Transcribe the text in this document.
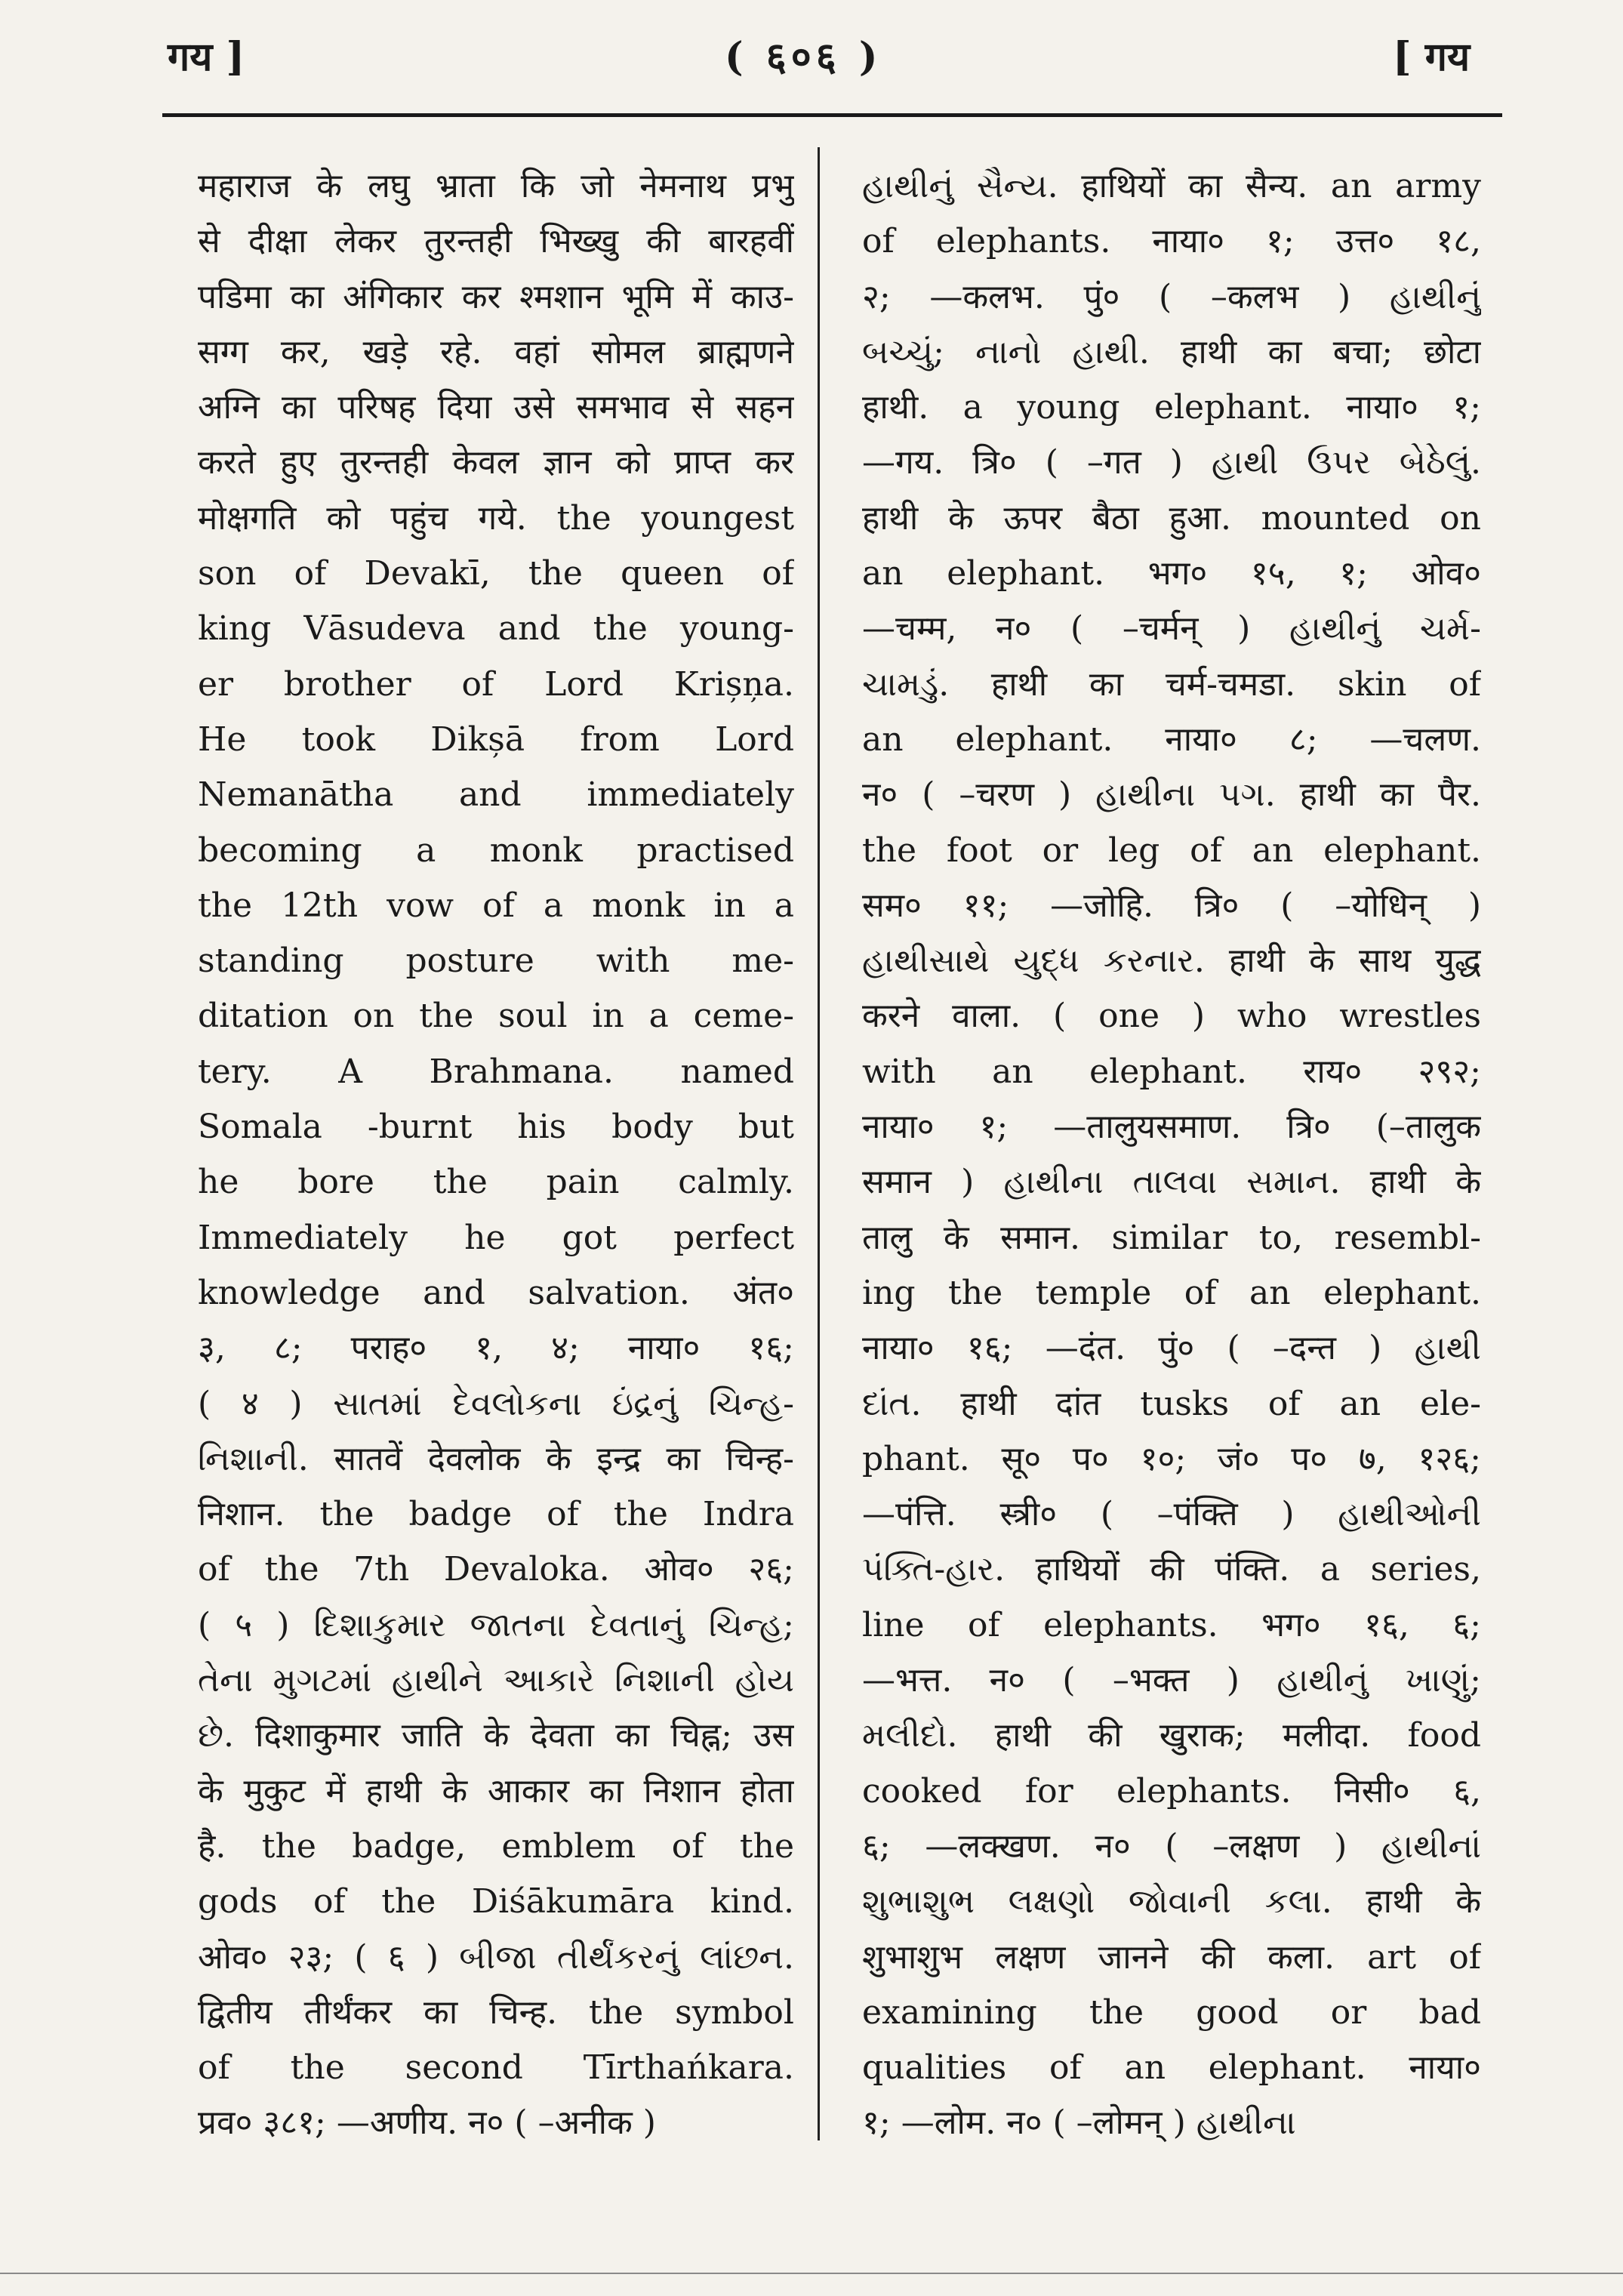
गय ]	( ६०६ )	[ गय
महाराज के लघु भ्राता कि जो नेमनाथ प्रभु
से दीक्षा लेकर तुरन्तही भिख्खु की बारहवीं
पडिमा का अंगिकार कर श्मशान भूमि में काउ-
सग्ग कर, खड़े रहे. वहां सोमल ब्राह्मणने
अग्नि का परिषह दिया उसे समभाव से सहन
करते हुए तुरन्तही केवल ज्ञान को प्राप्त कर
मोक्षगति को पहुंच गये. the youngest
son of Devakī, the queen of
king Vāsudeva and the young-
er brother of Lord Krișņa.
He took Dikșā from Lord
Nemanātha and immediately
becoming a monk practised
the 12th vow of a monk in a
standing posture with me-
ditation on the soul in a ceme-
tery. A Brahmana. named
Somala -burnt his body but
he bore the pain calmly.
Immediately he got perfect
knowledge and salvation. अंत०
३, ८; पराह० १, ४; नाया० १६;
( ४ ) સાતમાં દેવલોકના ઇંદ્રનું ચિન્હ-
નિશાની. सातवें देवलोक के इन्द्र का चिन्ह-
निशान. the badge of the Indra
of the 7th Devaloka. ओव० २६;
( ५ ) દિશાકુમાર જાતના દેવતાનું ચિન્હ;
તેના મુગટમાં હાથીને આકારે નિશાની હોય
છે. दिशाकुमार जाति के देवता का चिह्न; उस
के मुकुट में हाथी के आकार का निशान होता
है. the badge, emblem of the
gods of the Diśākumāra kind.
ओव० २३; ( ६ ) બીજા તીર્થંકરનું લાંછન.
द्वितीय तीर्थंकर का चिन्ह. the symbol
of the second Tīrthańkara.
प्रव० ३८१; —अणीय. न० ( –अनीक )
હાથીનું સૈન્ય. हाथियों का सैन्य. an army
of elephants. नाया० १; उत्त० १८,
२; —कलभ. पुं० ( –कलभ ) હાથીનું
બચ્ચું; નાનો હાથી. हाथी का बचा; छोटा
हाथी. a young elephant. नाया० १;
—गय. त्रि० ( –गत ) હાથી ઉપર બેઠેલું.
हाथी के ऊपर बैठा हुआ. mounted on
an elephant. भग० १५, १; ओव०
—चम्म, न० ( –चर्मन् ) હાથીનું ચર્મ-
ચામડું. हाथी का चर्म-चमडा. skin of
an elephant. नाया० ८; —चलण.
न० ( –चरण ) હાથીના પગ. हाथी का पैर.
the foot or leg of an elephant.
सम० ११; —जोहि. त्रि० ( –योधिन् )
હાથીસાથે યુદ્ધ કરનાર. हाथी के साथ युद्ध
करने वाला. ( one ) who wrestles
with an elephant. राय० २९२;
नाया० १; —तालुयसमाण. त्रि० (–तालुक
समान ) હાથીના તાલવા સમાન. हाथी के
तालु के समान. similar to, resembl-
ing the temple of an elephant.
नाया० १६; —दंत. पुं० ( –दन्त ) હાથી
દાંત. हाथी दांत tusks of an ele-
phant. सू० प० १०; जं० प० ७, १२६;
—पंत्ति. स्त्री० ( –पंक्ति ) હાથીઓની
પંક્તિ-હાર. हाथियों की पंक्ति. a series,
line of elephants. भग० १६, ६;
—भत्त. न० ( –भक्त ) હાથીનું ખાણું;
મલીદો. हाथी की खुराक; मलीदा. food
cooked for elephants. निसी० ६,
६; —लक्खण. न० ( –लक्षण ) હાથીનાં
શુભાશુભ લક્ષણો જોવાની કલા. हाथी के
शुभाशुभ लक्षण जानने की कला. art of
examining the good or bad
qualities of an elephant. नाया०
१; —लोम. न० ( –लोमन् ) હાથીના
